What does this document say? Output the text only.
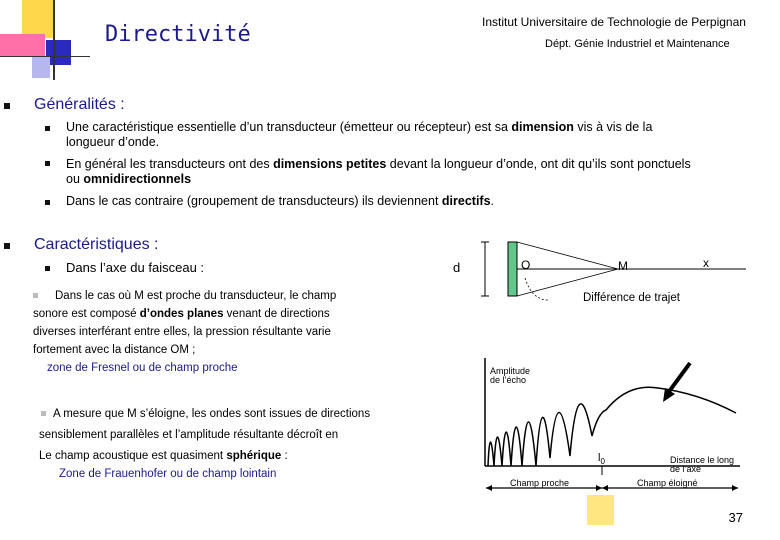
Directivité	Institut Universitaire de Technologie de Perpignan
Dépt. Génie Industriel et Maintenance
Généralités :
Une caractéristique essentielle d’un transducteur (émetteur ou récepteur) est sa dimension vis à vis de la
longueur d’onde.
En général les transducteurs ont des dimensions petites devant la longueur d’onde, ont dit qu’ils sont ponctuels
ou omnidirectionnels
Dans le cas contraire (groupement de transducteurs) ils deviennent directifs.
Caractéristiques :
Dans l’axe du faisceau :
Dans le cas où M est proche du transducteur, le champ
sonore est composé d’ondes planes venant de directions
diverses interférant entre elles, la pression résultante varie
fortement avec la distance OM ;
zone de Fresnel ou de champ proche
A mesure que M s’éloigne, les ondes sont issues de directions
sensiblement parallèles et l’amplitude résultante décroît en
Le champ acoustique est quasiment sphérique :
Zone de Frauenhofer ou de champ lointain
d	O	M	x
Différence de trajet
Amplitude
de l’écho
$l_0$	Distance le long
de l’axe
Champ proche	Champ éloigné
37
